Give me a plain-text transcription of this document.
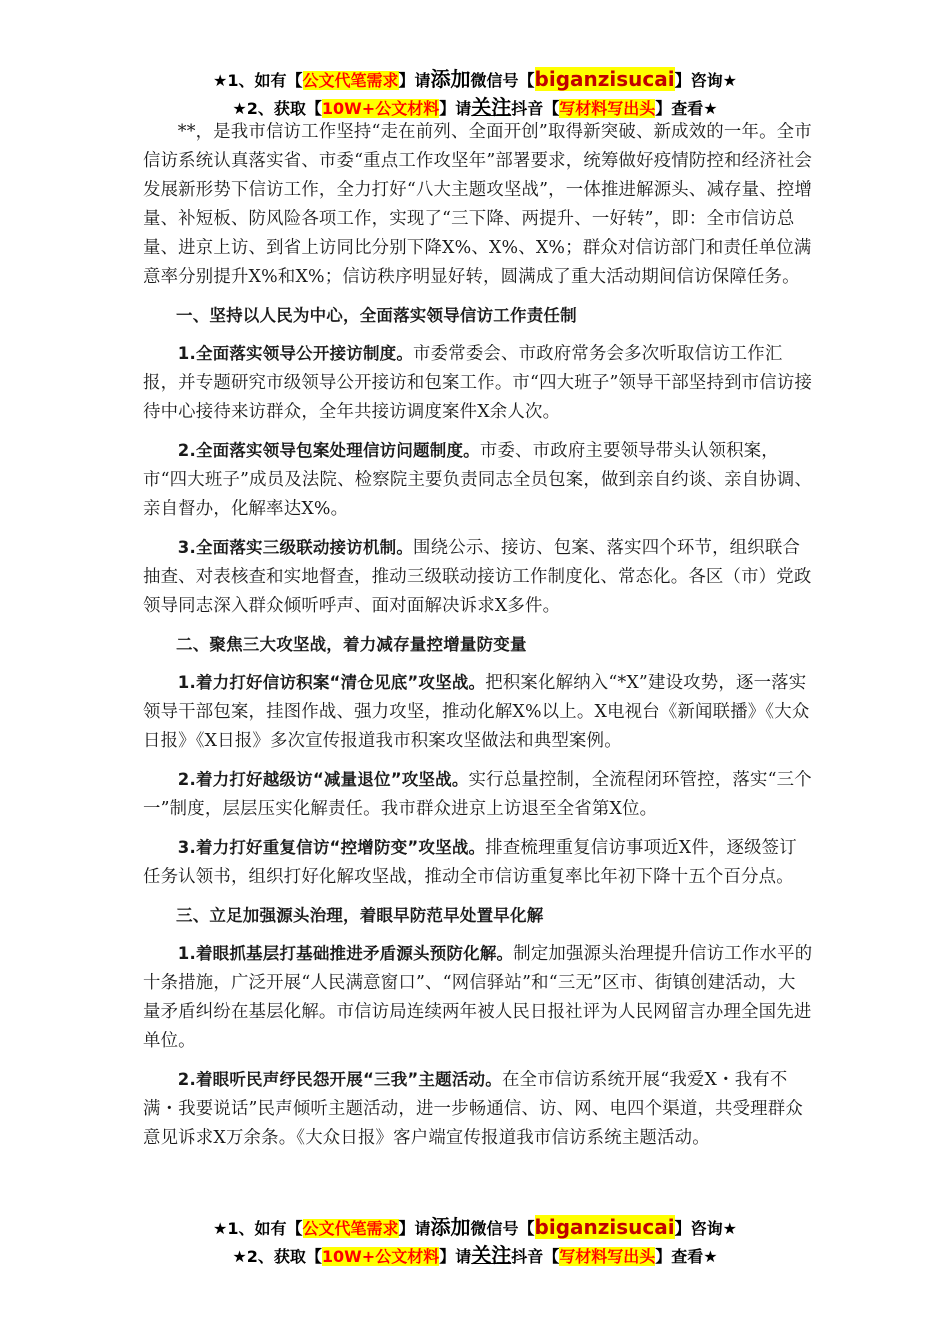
★1、如有【公文代笔需求】请添加微信号【biganzisucai】咨询★
★2、获取【10W+公文材料】请关注抖音【写材料写出头】查看★

**，是我市信访工作坚持“走在前列、全面开创”取得新突破、新成效的一年。全市信访系统认真落实省、市委“重点工作攻坚年”部署要求，统筹做好疫情防控和经济社会发展新形势下信访工作，全力打好“八大主题攻坚战”，一体推进解源头、减存量、控增量、补短板、防风险各项工作，实现了“三下降、两提升、一好转”，即：全市信访总量、进京上访、到省上访同比分别下降X%、X%、X%；群众对信访部门和责任单位满意率分别提升X%和X%；信访秩序明显好转，圆满成了重大活动期间信访保障任务。

一、坚持以人民为中心，全面落实领导信访工作责任制

1.全面落实领导公开接访制度。市委常委会、市政府常务会多次听取信访工作汇报，并专题研究市级领导公开接访和包案工作。市“四大班子”领导干部坚持到市信访接待中心接待来访群众，全年共接访调度案件X余人次。

2.全面落实领导包案处理信访问题制度。市委、市政府主要领导带头认领积案，市“四大班子”成员及法院、检察院主要负责同志全员包案，做到亲自约谈、亲自协调、亲自督办，化解率达X%。

3.全面落实三级联动接访机制。围绕公示、接访、包案、落实四个环节，组织联合抽查、对表核查和实地督查，推动三级联动接访工作制度化、常态化。各区（市）党政领导同志深入群众倾听呼声、面对面解决诉求X多件。

二、聚焦三大攻坚战，着力减存量控增量防变量

1.着力打好信访积案“清仓见底”攻坚战。把积案化解纳入“*X”建设攻势，逐一落实领导干部包案，挂图作战、强力攻坚，推动化解X%以上。X电视台《新闻联播》《大众日报》《X日报》多次宣传报道我市积案攻坚做法和典型案例。

2.着力打好越级访“减量退位”攻坚战。实行总量控制，全流程闭环管控，落实“三个一”制度，层层压实化解责任。我市群众进京上访退至全省第X位。

3.着力打好重复信访“控增防变”攻坚战。排查梳理重复信访事项近X件，逐级签订任务认领书，组织打好化解攻坚战，推动全市信访重复率比年初下降十五个百分点。

三、立足加强源头治理，着眼早防范早处置早化解

1.着眼抓基层打基础推进矛盾源头预防化解。制定加强源头治理提升信访工作水平的十条措施，广泛开展“人民满意窗口”、“网信驿站”和“三无”区市、街镇创建活动，大量矛盾纠纷在基层化解。市信访局连续两年被人民日报社评为人民网留言办理全国先进单位。

2.着眼听民声纾民怨开展“三我”主题活动。在全市信访系统开展“我爱X・我有不满・我要说话”民声倾听主题活动，进一步畅通信、访、网、电四个渠道，共受理群众意见诉求X万余条。《大众日报》客户端宣传报道我市信访系统主题活动。

★1、如有【公文代笔需求】请添加微信号【biganzisucai】咨询★
★2、获取【10W+公文材料】请关注抖音【写材料写出头】查看★
